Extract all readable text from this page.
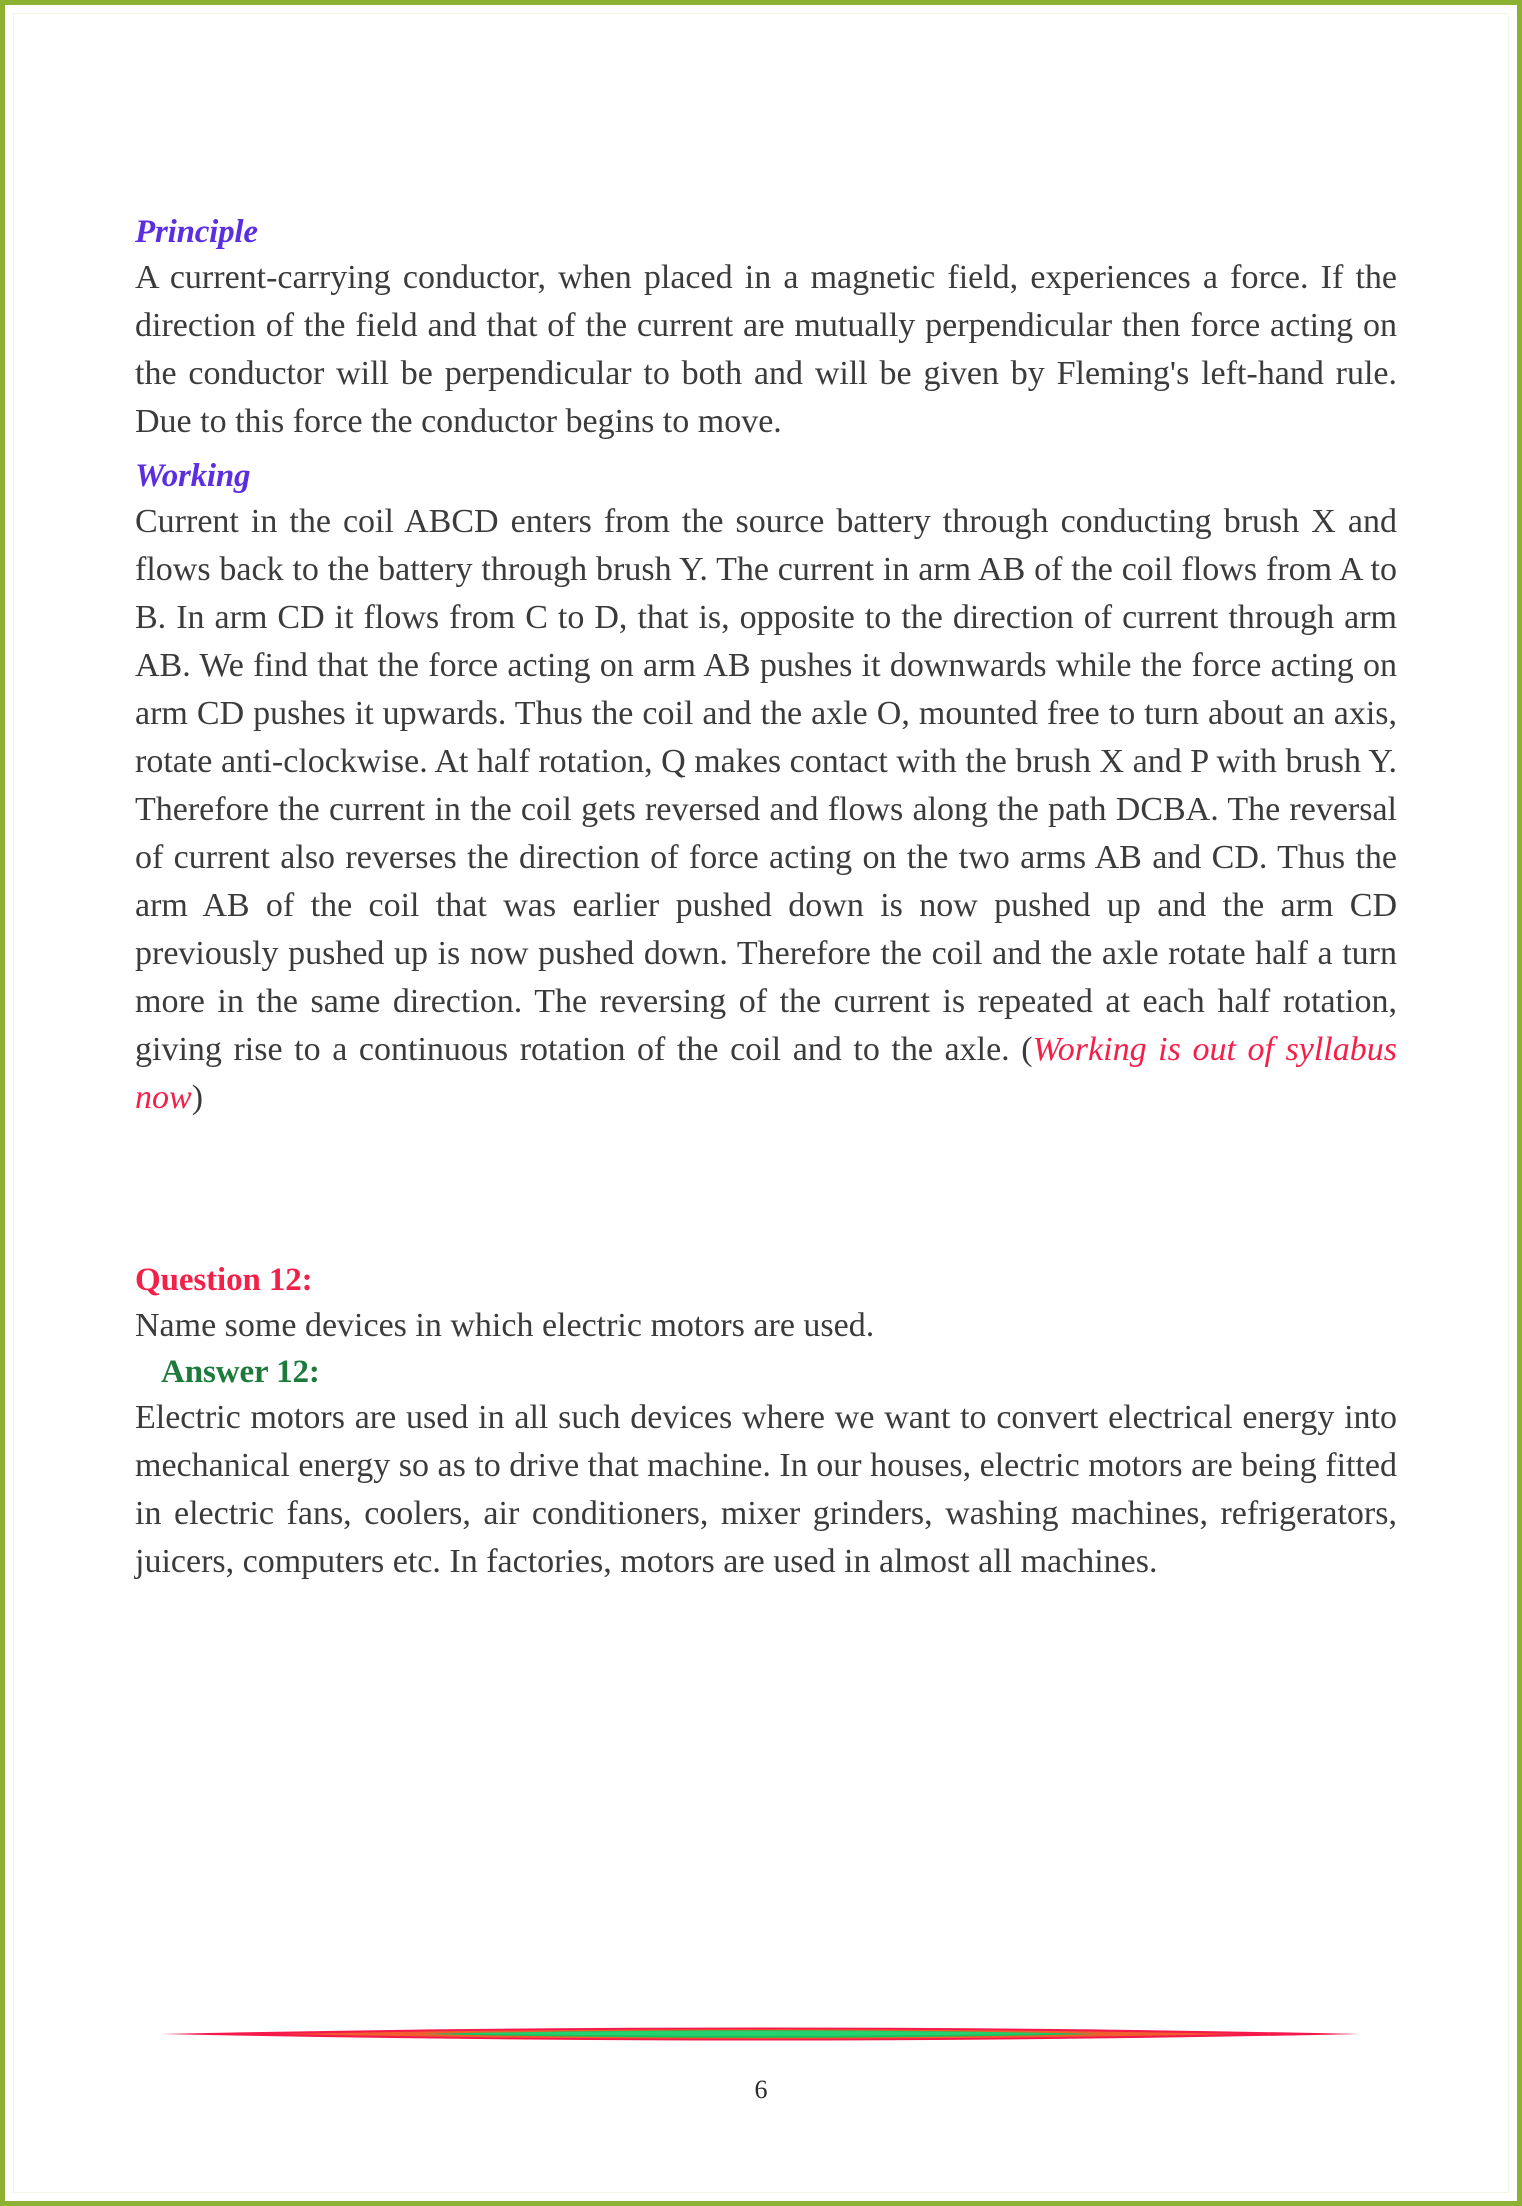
Principle

A current-carrying conductor, when placed in a magnetic field, experiences a force. If the direction of the field and that of the current are mutually perpendicular then force acting on the conductor will be perpendicular to both and will be given by Fleming's left-hand rule. Due to this force the conductor begins to move.

Working

Current in the coil ABCD enters from the source battery through conducting brush X and flows back to the battery through brush Y. The current in arm AB of the coil flows from A to B. In arm CD it flows from C to D, that is, opposite to the direction of current through arm AB. We find that the force acting on arm AB pushes it downwards while the force acting on arm CD pushes it upwards. Thus the coil and the axle O, mounted free to turn about an axis, rotate anti-clockwise. At half rotation, Q makes contact with the brush X and P with brush Y. Therefore the current in the coil gets reversed and flows along the path DCBA. The reversal of current also reverses the direction of force acting on the two arms AB and CD. Thus the arm AB of the coil that was earlier pushed down is now pushed up and the arm CD previously pushed up is now pushed down. Therefore the coil and the axle rotate half a turn more in the same direction. The reversing of the current is repeated at each half rotation, giving rise to a continuous rotation of the coil and to the axle. (Working is out of syllabus now)

Question 12:

Name some devices in which electric motors are used.

Answer 12:

Electric motors are used in all such devices where we want to convert electrical energy into mechanical energy so as to drive that machine. In our houses, electric motors are being fitted in electric fans, coolers, air conditioners, mixer grinders, washing machines, refrigerators, juicers, computers etc. In factories, motors are used in almost all machines.

6
